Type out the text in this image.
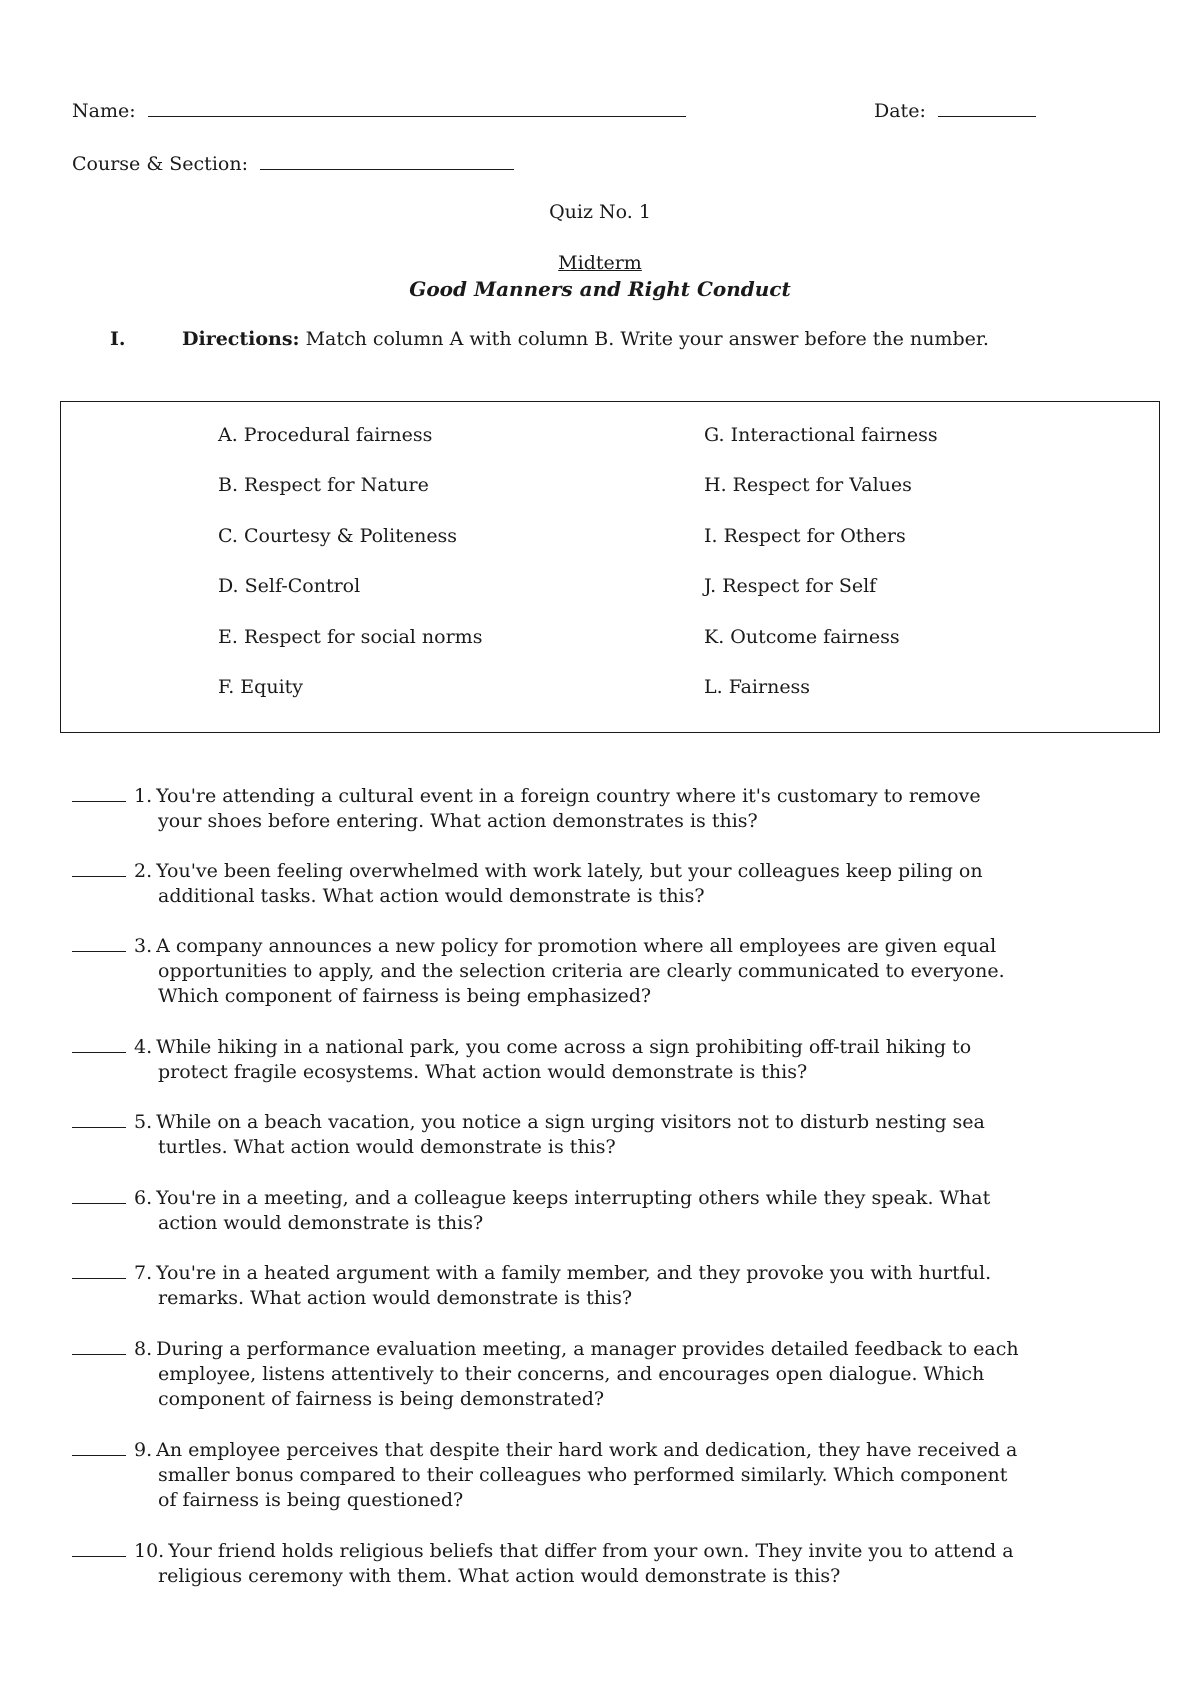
Name:	Date:
Course & Section:
Quiz No. 1
Midterm
Good Manners and Right Conduct
I.	Directions: Match column A with column B. Write your answer before the number.
A. Procedural fairness
B. Respect for Nature
C. Courtesy & Politeness
D. Self-Control
E. Respect for social norms
F. Equity
G. Interactional fairness
H. Respect for Values
I. Respect for Others
J. Respect for Self
K. Outcome fairness
L. Fairness
1. You're attending a cultural event in a foreign country where it's customary to remove
your shoes before entering. What action demonstrates is this?
2. You've been feeling overwhelmed with work lately, but your colleagues keep piling on
additional tasks. What action would demonstrate is this?
3. A company announces a new policy for promotion where all employees are given equal
opportunities to apply, and the selection criteria are clearly communicated to everyone.
Which component of fairness is being emphasized?
4. While hiking in a national park, you come across a sign prohibiting off-trail hiking to
protect fragile ecosystems. What action would demonstrate is this?
5. While on a beach vacation, you notice a sign urging visitors not to disturb nesting sea
turtles. What action would demonstrate is this?
6. You're in a meeting, and a colleague keeps interrupting others while they speak. What
action would demonstrate is this?
7. You're in a heated argument with a family member, and they provoke you with hurtful.
remarks. What action would demonstrate is this?
8. During a performance evaluation meeting, a manager provides detailed feedback to each
employee, listens attentively to their concerns, and encourages open dialogue. Which
component of fairness is being demonstrated?
9. An employee perceives that despite their hard work and dedication, they have received a
smaller bonus compared to their colleagues who performed similarly. Which component
of fairness is being questioned?
10. Your friend holds religious beliefs that differ from your own. They invite you to attend a
religious ceremony with them. What action would demonstrate is this?
